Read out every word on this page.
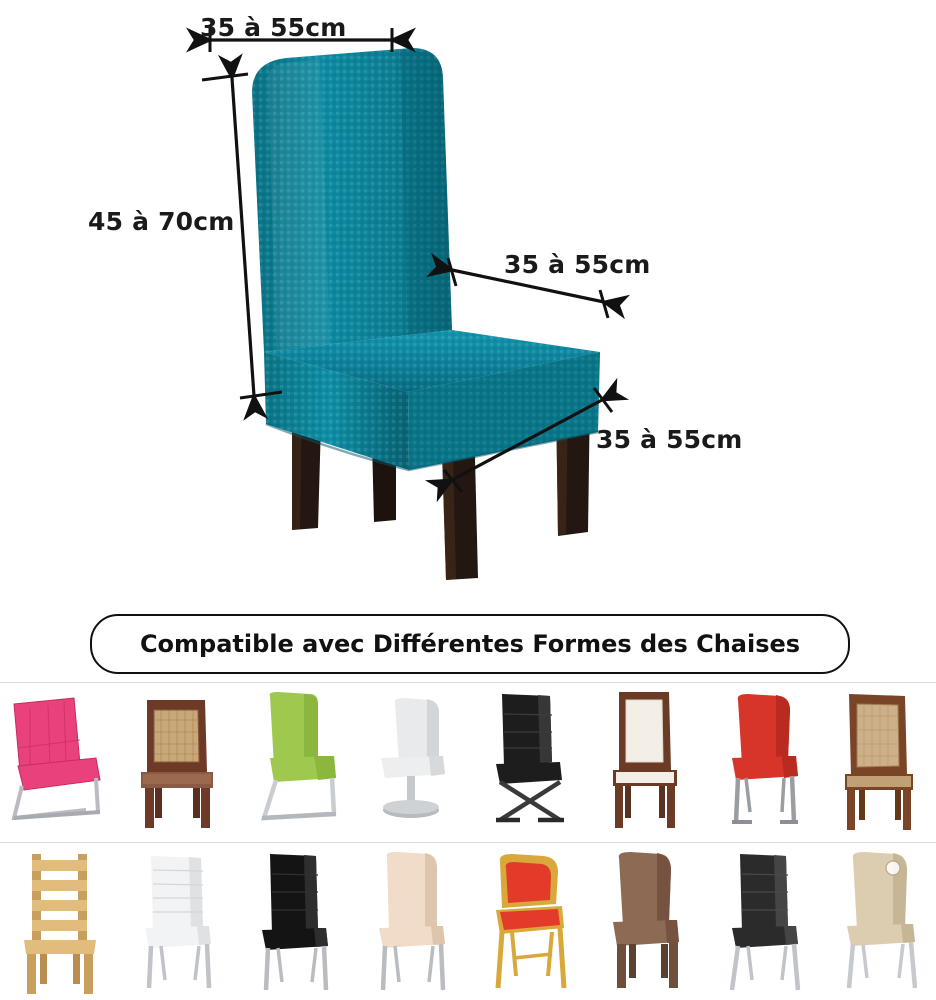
35 à 55cm
45 à 70cm
35 à 55cm
35 à 55cm
Compatible avec Différentes Formes des Chaises
